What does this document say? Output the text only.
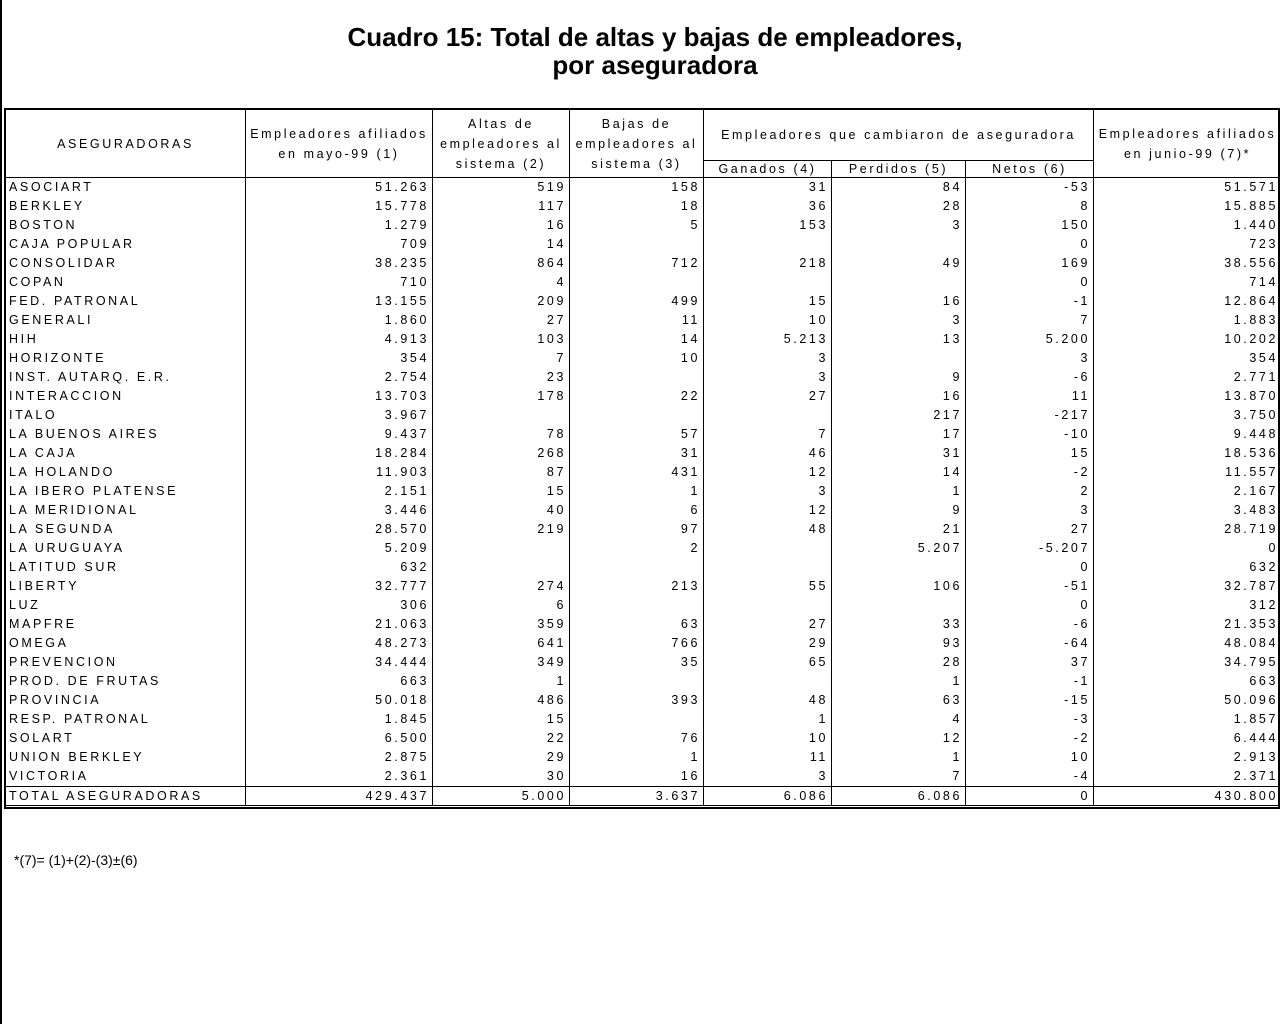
Cuadro 15: Total de altas y bajas de empleadores,
por aseguradora
ASEGURADORAS	Empleadores afiliados en mayo-99 (1)	Altas de empleadores al sistema (2)	Bajas de empleadores al sistema (3)	Empleadores que cambiaron de aseguradora			Empleadores afiliados en junio-99 (7)*
				Ganados (4)	Perdidos (5)	Netos (6)	
ASOCIART	51.263	519	158	31	84	-53	51.571
BERKLEY	15.778	117	18	36	28	8	15.885
BOSTON	1.279	16	5	153	3	150	1.440
CAJA POPULAR	709	14				0	723
CONSOLIDAR	38.235	864	712	218	49	169	38.556
COPAN	710	4				0	714
FED. PATRONAL	13.155	209	499	15	16	-1	12.864
GENERALI	1.860	27	11	10	3	7	1.883
HIH	4.913	103	14	5.213	13	5.200	10.202
HORIZONTE	354	7	10	3		3	354
INST. AUTARQ. E.R.	2.754	23		3	9	-6	2.771
INTERACCION	13.703	178	22	27	16	11	13.870
ITALO	3.967				217	-217	3.750
LA BUENOS AIRES	9.437	78	57	7	17	-10	9.448
LA CAJA	18.284	268	31	46	31	15	18.536
LA HOLANDO	11.903	87	431	12	14	-2	11.557
LA IBERO PLATENSE	2.151	15	1	3	1	2	2.167
LA MERIDIONAL	3.446	40	6	12	9	3	3.483
LA SEGUNDA	28.570	219	97	48	21	27	28.719
LA URUGUAYA	5.209		2		5.207	-5.207	0
LATITUD SUR	632					0	632
LIBERTY	32.777	274	213	55	106	-51	32.787
LUZ	306	6				0	312
MAPFRE	21.063	359	63	27	33	-6	21.353
OMEGA	48.273	641	766	29	93	-64	48.084
PREVENCION	34.444	349	35	65	28	37	34.795
PROD. DE FRUTAS	663	1			1	-1	663
PROVINCIA	50.018	486	393	48	63	-15	50.096
RESP. PATRONAL	1.845	15		1	4	-3	1.857
SOLART	6.500	22	76	10	12	-2	6.444
UNION BERKLEY	2.875	29	1	11	1	10	2.913
VICTORIA	2.361	30	16	3	7	-4	2.371
TOTAL ASEGURADORAS	429.437	5.000	3.637	6.086	6.086	0	430.800
*(7)= (1)+(2)-(3)±(6)
